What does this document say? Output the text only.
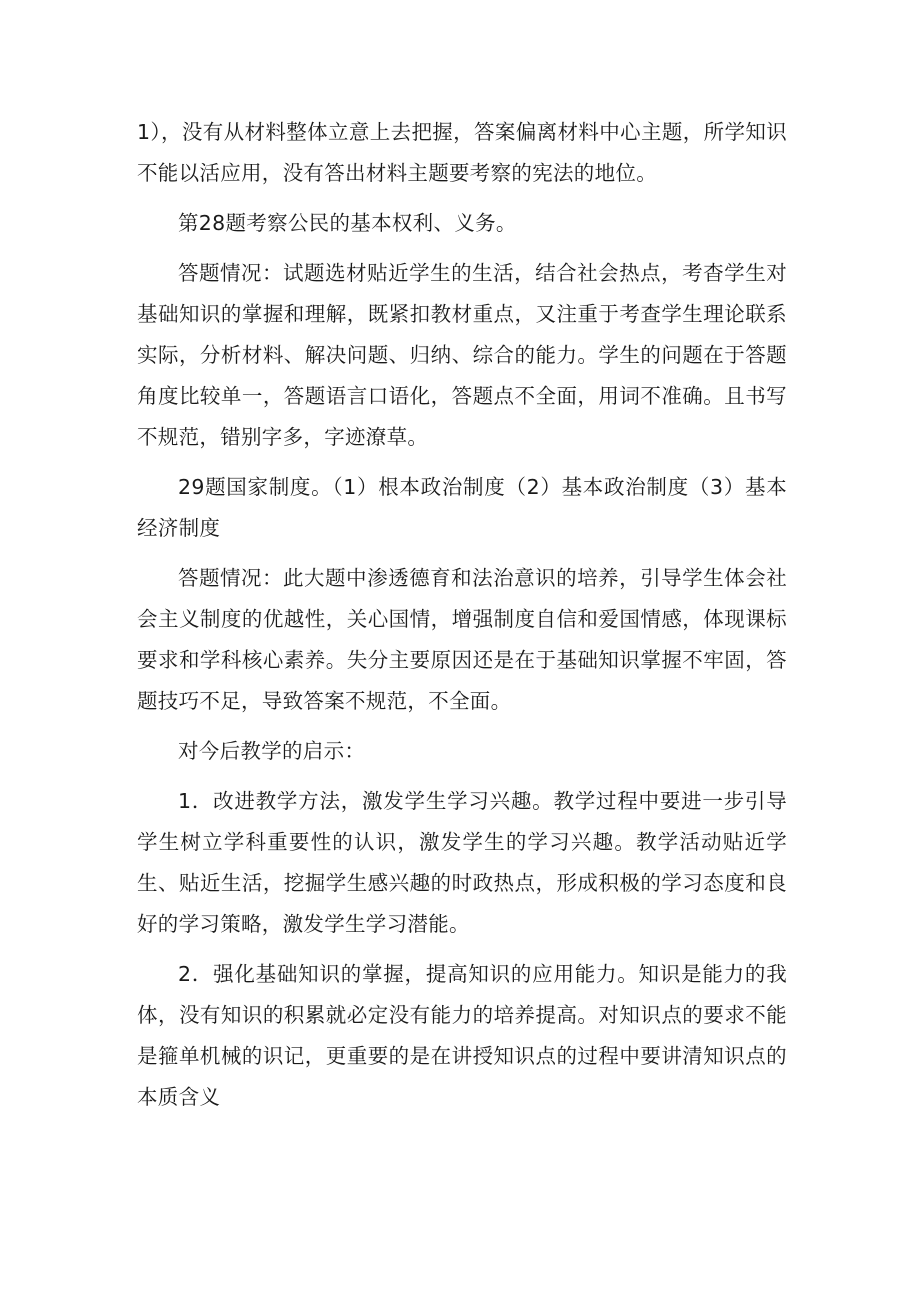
1），没有从材料整体立意上去把握，答案偏离材料中心主题，所学知识不能以活应用，没有答出材料主题要考察的宪法的地位。

第28题考察公民的基本权利、义务。

答题情况：试题选材贴近学生的生活，结合社会热点，考杳学生对基础知识的掌握和理解，既紧扣教材重点，又注重于考查学生理论联系实际，分析材料、解决问题、归纳、综合的能力。学生的问题在于答题角度比较单一，答题语言口语化，答题点不全面，用词不准确。且书写不规范，错别字多，字迹潦草。

29题国家制度。（1）根本政治制度（2）基本政治制度（3）基本经济制度

答题情况：此大题中渗透德育和法治意识的培养，引导学生体会社会主义制度的优越性，关心国情，增强制度自信和爱国情感，体现课标要求和学科核心素养。失分主要原因还是在于基础知识掌握不牢固，答题技巧不足，导致答案不规范，不全面。

对今后教学的启示：

1．改进教学方法，激发学生学习兴趣。教学过程中要进一步引导学生树立学科重要性的认识，激发学生的学习兴趣。教学活动贴近学生、贴近生活，挖掘学生感兴趣的时政热点，形成积极的学习态度和良好的学习策略，激发学生学习潜能。

2．强化基础知识的掌握，提高知识的应用能力。知识是能力的我体，没有知识的积累就必定没有能力的培养提高。对知识点的要求不能是箍单机械的识记，更重要的是在讲授知识点的过程中要讲清知识点的本质含义
